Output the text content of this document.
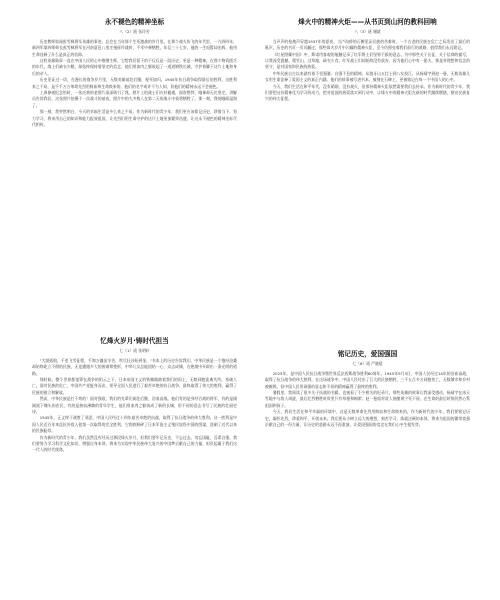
永不褪色的精神坐标
八（2）班 张玲芳

历史教师惊闻彭雪枫将军英雄的事迹，总会在当年那个生死激战的岁月里。在那个战火纷飞的年代里，一九四四年，新四军第四师师长彭雪枫将军在河南夏邑八里庄指挥作战时，不幸中弹牺牲，年仅三十七岁。他的一生短暂却光辉，他用生命诠释了什么是真正的信仰。

这枚英雄勋章一直在中国人民的心中熠熠生辉，它给我们留下的不仅仅是一段历史，更是一种精神。在那个物资匮乏的年代，战士们缺衣少粮，却始终保持着坚定的信念，他们用血肉之躯筑起了一道道钢铁长城，守护着脚下这片土地和身后的亲人。

历史见证过一切，在漫长的战争岁月里，无数英雄前赴后继，视死如归。1945年抗日战争取得最后的胜利，这胜利来之不易，是千千万万革命先烈用鲜血和生命换来的，他们的名字或许不为人知，但他们的精神永远不会褪色。

上周参观纪念馆时，一张泛黄的老照片深深吸引了我。照片上的战士们衣衫褴褛，面容憔悴，眼神却无比坚定。讲解员告诉我们，这张照片拍摄于一次战斗的前夜，照片中的大多数人在第二天的战斗中英勇牺牲了。那一刻，我的眼眶湿润了。

那一刻，我突然明白，今天的幸福生活是多么来之不易。作为新时代的青少年，我们更应该铭记历史，珍惜当下，努力学习，将来用自己的知识和能力报效祖国，让先烈们用生命守护的这片土地更加繁荣昌盛，让这永不褪色的精神坐标代代相传。

烽火中的精神火炬——从书页到山河的教科回响
八（3）班 谢斌

当声声的枪炮声穿越1937年的夏夜，当卢沟桥的石狮见证民族的苦难时，一个古老的民族在危亡之际发出了最后的吼声。历史的书页一页页翻过，那些烽火岁月中闪耀的精神火炬，至今仍照亮着我们前行的道路，值得我们永远铭记。

《红星照耀中国》中，斯诺用客观的笔触记录了红军将士们坚韧不拔的意志。书中那些关于长征、关于信仰的描写，让我深受震撼。爬雪山、过草地，缺衣少食，红军战士们却始终没有放弃，因为他们心中有一团火，那是对理想和信念的坚守，是对国家和民族的热爱。

中华民族自古以来就有着不畏强暴、自强不息的精神。从狼牙山五壮士到八女投江，从杨靖宇到赵一曼，无数英雄儿女用生命诠释了爱国主义的真正内涵。他们的故事被写进书本，被刻在石碑上，更被铭记在每一个中国人的心中。

今天，我们生活在和平年代，没有硝烟，没有战火，但那份精神火炬依然需要我们去传承。作为新时代的青少年，我们要把这份精神化为学习的动力，把对祖国的热爱落实到行动中，让烽火中的精神火炬在新的时代继续燃烧，照亮民族复兴的伟大征程。

忆烽火岁月·铸时代担当
七（1）班 张明轩

"大漠孤烟，千里飞雪征程，千淘万漉虽辛苦，吹尽狂沙始到金。"书本上的历史告诉我们，中华民族是一个饱经沧桑却始终屹立不倒的民族，无论遭遇多大的困难和挫折，中华儿女总能团结一心，众志成城，在绝境中开辟出一条光明的道路。

那时候，整个世界都笼罩在战争的阴云之下，日本帝国主义的铁蹄践踏着我们的国土，无数同胞流离失所，家破人亡。面对民族的危亡，中国共产党挺身而出，领导全国人民进行了艰苦卓绝的抗日战争，最终取得了伟大的胜利，赢得了民族的独立和解放。

然而，中华民族是打不垮的！面对强敌，我们的先辈们前赴后继，浴血奋战。他们有的是身经百战的将军，有的是刚刚放下锄头的农民，有的是热血沸腾的青年学生，他们用血肉之躯筑成了新的长城，用不屈的意志书写了民族的壮丽史诗。

1945年，正义终于战胜了邪恶，中国人民经过十四年艰苦卓绝的抗战，取得了抗日战争的伟大胜利。这一胜利是中国人民近百年来反抗外敌入侵第一次取得的完全胜利，它彻底粉碎了日本军国主义殖民奴役中国的图谋，洗刷了近代以来的民族耻辱。

作为新时代的青少年，我们虽然没有经历过那段烽火岁月，但我们要牢记历史，不忘过去。勿忘国耻，吾辈自强。我们要努力学习科学文化知识，增强自身本领，将来为实现中华民族伟大复兴的中国梦贡献自己的力量，担负起属于我们这一代人的时代使命。

铭记历史，爱国强国
七（6）班 严晓晨

2025年，是中国人民抗日战争暨世界反法西斯战争胜利80周年。1945年9月3日，中国人民经过14年的浴血奋战，取得了抗日战争的伟大胜利。在这场战争中，中国人民付出了巨大的民族牺牲，三千五百多万同胞伤亡，无数城市和乡村被摧毁，但中国人民用顽强的意志和不屈的精神赢得了最终的胜利。

暑假里，我阅读了很多关于抗战的书籍，也观看了不少相关的纪录片。那些英雄的故事让我深受感动，杨靖宇在冰天雪地中与敌人周旋，最后壮烈牺牲时胃里只有草根和棉絮；赵一曼面对敌人的酷刑宁死不屈，在生命的最后时刻仍然心系祖国和孩子。

今天，我们生活在和平幸福的环境中，这是无数革命先烈用鲜血和生命换来的。作为新时代的少年，我们要铭记历史，缅怀先烈，珍爱和平，开创未来。我们要从小树立远大的理想，刻苦学习，练就过硬的本领，将来为祖国的繁荣富强贡献自己的一份力量，让历史的悲剧永远不再重演，让爱国强国的信念在我们心中生根发芽。
